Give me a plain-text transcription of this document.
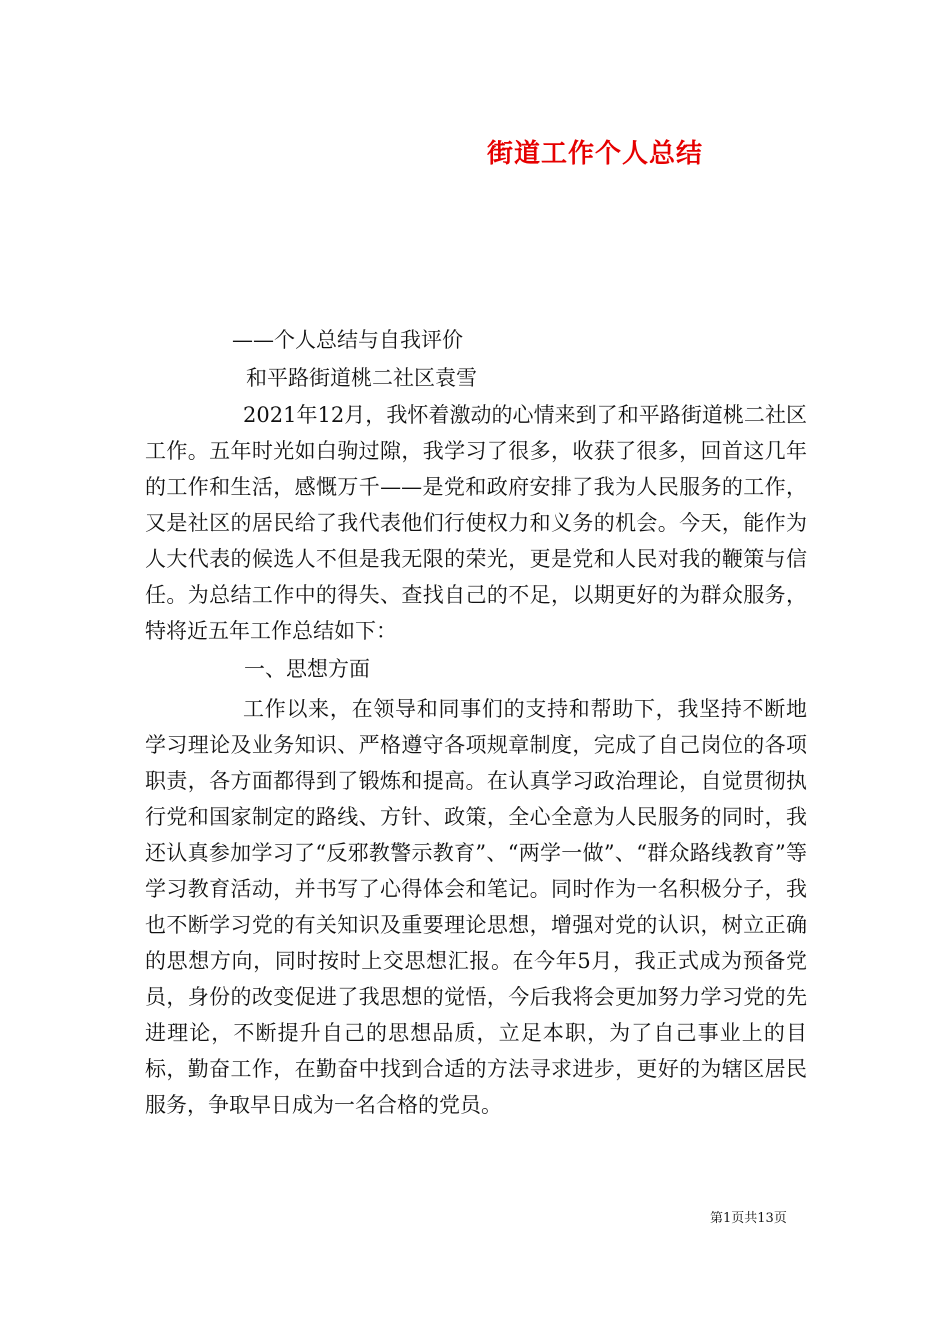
街道工作个人总结
——个人总结与自我评价
和平路街道桃二社区袁雪

2021年12月，我怀着激动的心情来到了和平路街道桃二社区工作。五年时光如白驹过隙，我学习了很多，收获了很多，回首这几年的工作和生活，感慨万千——是党和政府安排了我为人民服务的工作，又是社区的居民给了我代表他们行使权力和义务的机会。今天，能作为人大代表的候选人不但是我无限的荣光，更是党和人民对我的鞭策与信任。为总结工作中的得失、查找自己的不足，以期更好的为群众服务，特将近五年工作总结如下：

一、思想方面

工作以来，在领导和同事们的支持和帮助下，我坚持不断地学习理论及业务知识、严格遵守各项规章制度，完成了自己岗位的各项职责，各方面都得到了锻炼和提高。在认真学习政治理论，自觉贯彻执行党和国家制定的路线、方针、政策，全心全意为人民服务的同时，我还认真参加学习了“反邪教警示教育”、“两学一做”、“群众路线教育”等学习教育活动，并书写了心得体会和笔记。同时作为一名积极分子，我也不断学习党的有关知识及重要理论思想，增强对党的认识，树立正确的思想方向，同时按时上交思想汇报。在今年5月，我正式成为预备党员，身份的改变促进了我思想的觉悟，今后我将会更加努力学习党的先进理论，不断提升自己的思想品质，立足本职，为了自己事业上的目标，勤奋工作，在勤奋中找到合适的方法寻求进步，更好的为辖区居民服务，争取早日成为一名合格的党员。

第1页共13页
